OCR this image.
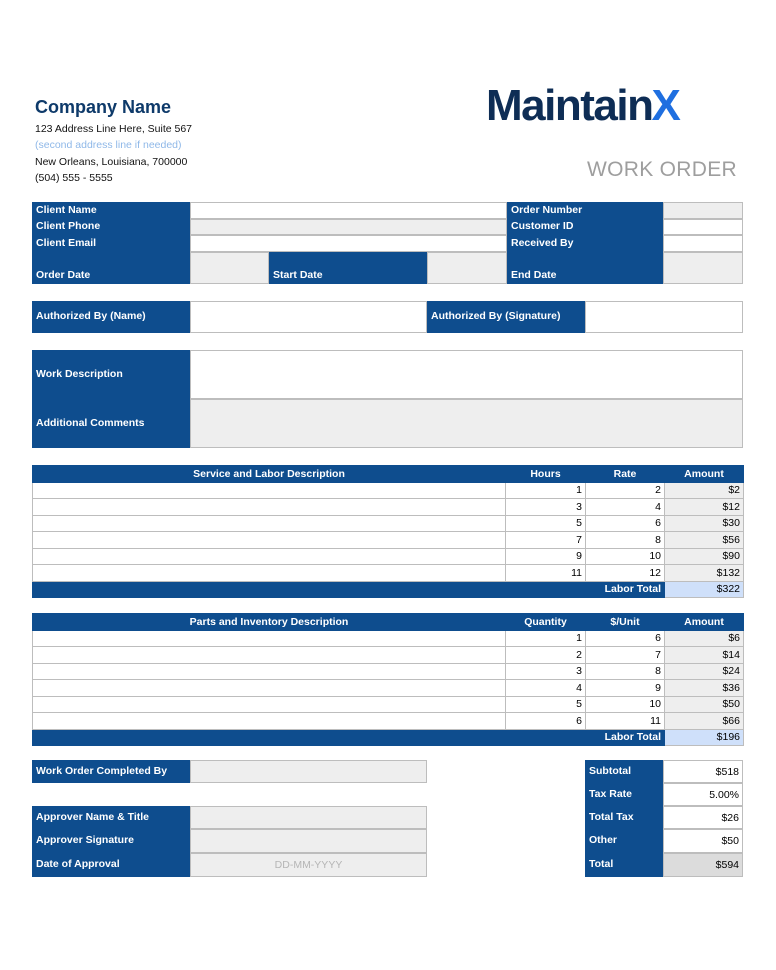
Company Name
123 Address Line Here, Suite 567
(second address line if needed)
New Orleans, Louisiana, 700000
(504) 555 - 5555
Maintain X
WORK ORDER
Client Name
Client Phone
Client Email
Order Number
Customer ID
Received By
Order Date	Start Date	End Date
Authorized By (Name)	Authorized By (Signature)
Work Description
Additional Comments
Service and Labor Description	Hours	Rate	Amount
	1	2	$2
	3	4	$12
	5	6	$30
	7	8	$56
	9	10	$90
	11	12	$132
		Labor Total	$322
Parts and Inventory Description	Quantity	$/Unit	Amount
	1	6	$6
	2	7	$14
	3	8	$24
	4	9	$36
	5	10	$50
	6	11	$66
		Labor Total	$196
Work Order Completed By
Approver Name & Title
Approver Signature
Date of Approval	DD-MM-YYYY
Subtotal	$518
Tax Rate	5.00%
Total Tax	$26
Other	$50
Total	$594
